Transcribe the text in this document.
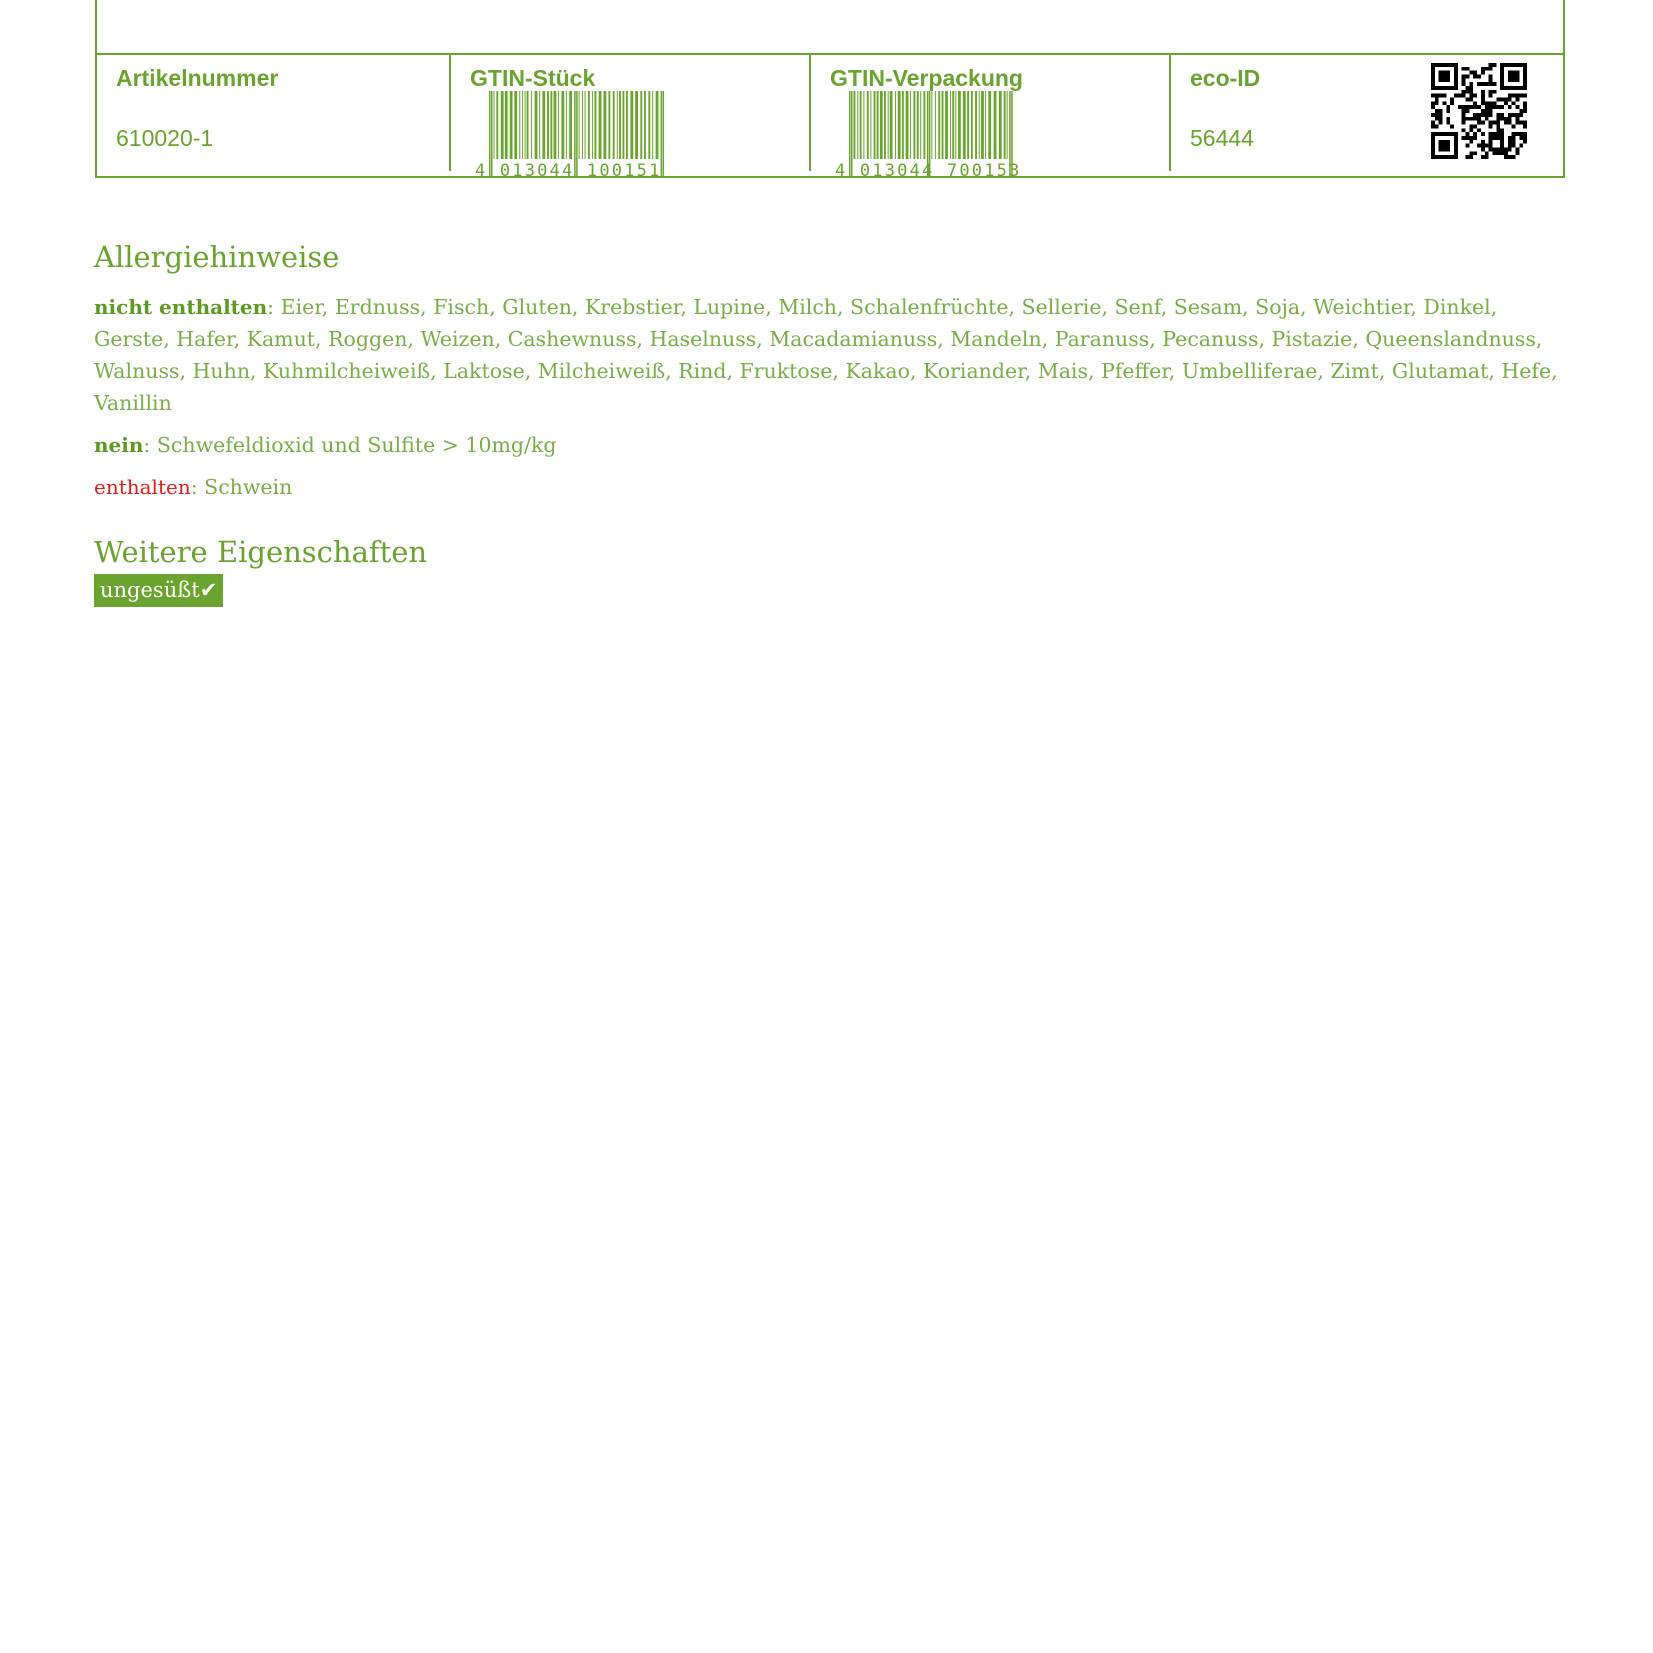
Artikelnummer
610020-1
GTIN-Stück
4 013044 100151
GTIN-Verpackung
4 013044 700153
eco-ID
56444
Allergiehinweise

nicht enthalten: Eier, Erdnuss, Fisch, Gluten, Krebstier, Lupine, Milch, Schalenfrüchte, Sellerie, Senf, Sesam, Soja, Weichtier, Dinkel, Gerste, Hafer, Kamut, Roggen, Weizen, Cashewnuss, Haselnuss, Macadamianuss, Mandeln, Paranuss, Pecanuss, Pistazie, Queenslandnuss, Walnuss, Huhn, Kuhmilcheiweiß, Laktose, Milcheiweiß, Rind, Fruktose, Kakao, Koriander, Mais, Pfeffer, Umbelliferae, Zimt, Glutamat, Hefe, Vanillin

nein: Schwefeldioxid und Sulfite > 10mg/kg

enthalten: Schwein

Weitere Eigenschaften
ungesüßt✔
